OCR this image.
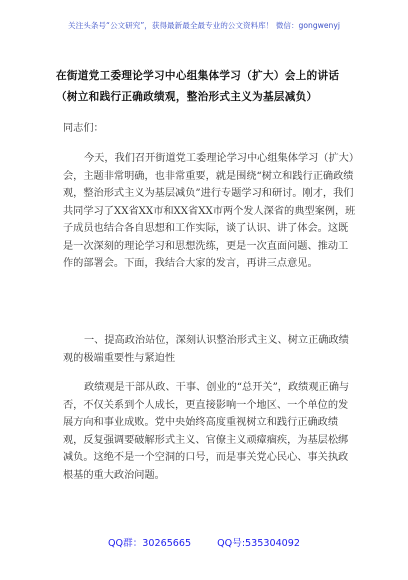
关注头条号“公文研究”，获得最新最全最专业的公文资料库！ 微信：gongwenyj
在街道党工委理论学习中心组集体学习（扩大）会上的讲话（树立和践行正确政绩观，整治形式主义为基层减负）
同志们：
今天，我们召开街道党工委理论学习中心组集体学习（扩大）会，主题非常明确，也非常重要，就是围绕“树立和践行正确政绩观，整治形式主义为基层减负”进行专题学习和研讨。刚才，我们共同学习了XX省XX市和XX省XX市两个发人深省的典型案例，班子成员也结合各自思想和工作实际，谈了认识、讲了体会。这既是一次深刻的理论学习和思想洗练，更是一次直面问题、推动工作的部署会。下面，我结合大家的发言，再讲三点意见。
一、提高政治站位，深刻认识整治形式主义、树立正确政绩观的极端重要性与紧迫性
政绩观是干部从政、干事、创业的“总开关”，政绩观正确与否，不仅关系到个人成长，更直接影响一个地区、一个单位的发展方向和事业成败。党中央始终高度重视树立和践行正确政绩观，反复强调要破解形式主义、官僚主义顽瘴痼疾，为基层松绑减负。这绝不是一个空洞的口号，而是事关党心民心、事关执政根基的重大政治问题。
QQ群：30265665	QQ号:535304092
